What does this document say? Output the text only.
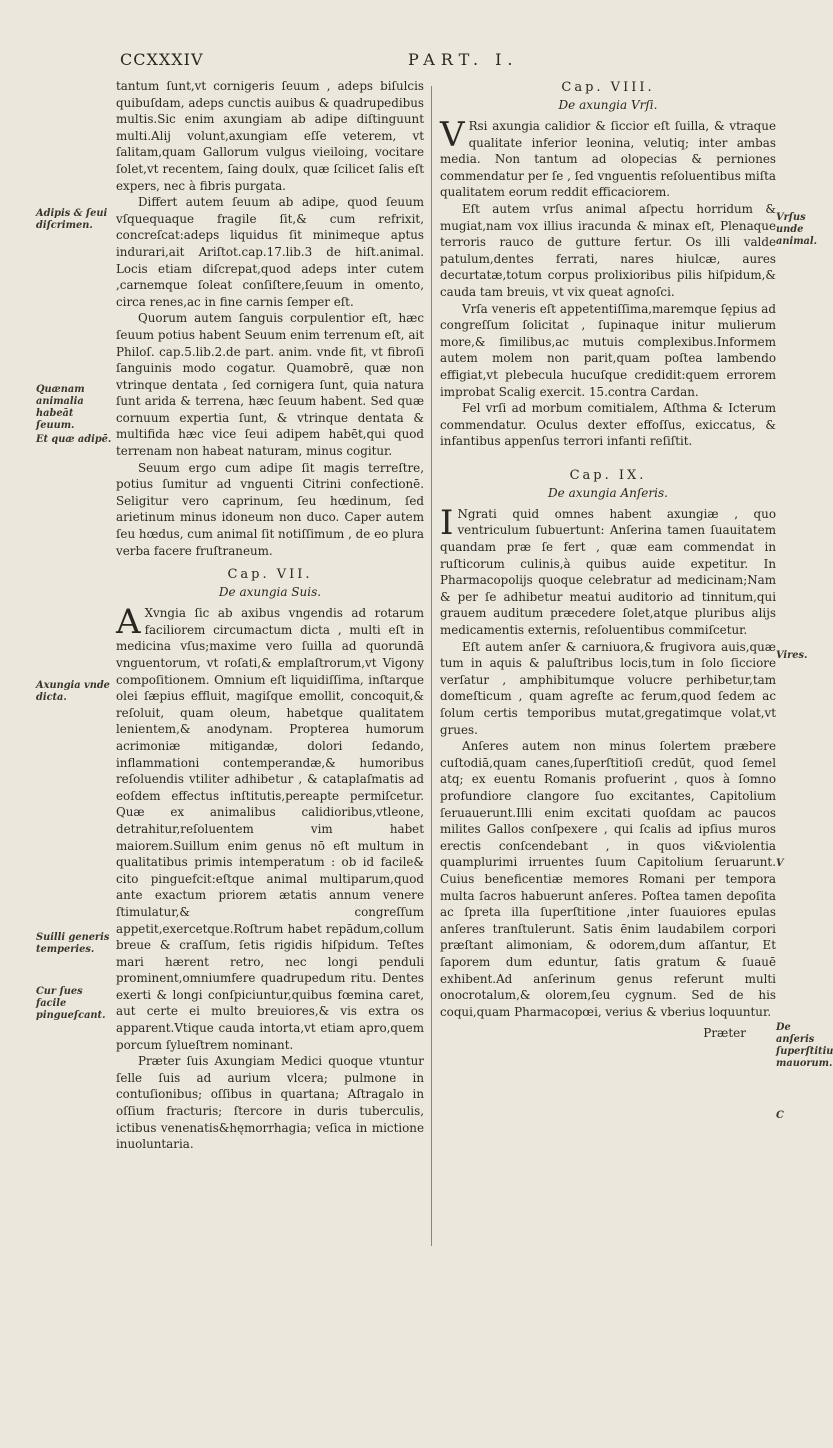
CCXXXIV	PART. I.
Adipis & ſeui diſcrimen.
Quænam animalia habeāt ſeuum.
Et quæ adipē.
Axungia vnde dicta.
Suilli generis temperies.
Cur ſues facile pingueſcant.
Vrſus unde animal.
Vires.
V
De anſeris ſuperſtitiu mauorum.
C

tantum ſunt,vt cornigeris ſeuum , adeps biſulcis quibuſdam, adeps cunctis auibus & quadrupedibus multis.Sic enim axungiam ab adipe diſtinguunt multi.Alij volunt,axungiam eſſe veterem, vt ſalitam,quam Gallorum vulgus vieiloing, vocitare ſolet,vt recentem, ſaing doulx, quæ ſcilicet ſalis eſt expers, nec à fibris purgata.

Differt autem ſeuum ab adipe, quod ſeuum vſquequaque fragile ſit,& cum refrixit, concreſcat:adeps liquidus ſit minimeque aptus indurari,ait Ariſtot.cap.17.lib.3 de hiſt.animal. Locis etiam diſcrepat,quod adeps inter cutem ,carnemque ſoleat conſiſtere,ſeuum in omento, circa renes,ac in fine carnis ſemper eſt.

Quorum autem ſanguis corpulentior eſt, hæc ſeuum potius habent Seuum enim terrenum eſt, ait Philoſ. cap.5.lib.2.de part. anim. vnde fit, vt fibroſi ſanguinis modo cogatur. Quamobrē, quæ non vtrinque dentata , ſed cornigera ſunt, quia natura ſunt arida & terrena, hæc ſeuum habent. Sed quæ cornuum expertia ſunt, & vtrinque dentata & multifida hæc vice ſeui adipem habēt,qui quod terrenam non habeat naturam, minus cogitur.

Seuum ergo cum adipe ſit magis terreſtre, potius ſumitur ad vnguenti Citrini confectionē. Seligitur vero caprinum, ſeu hœdinum, ſed arietinum minus idoneum non duco. Caper autem ſeu hœdus, cum animal ſit notiſſimum , de eo plura verba facere fruſtraneum.

Cap. VII.
De axungia Suis.

A Xvngia ſic ab axibus vngendis ad rotarum faciliorem circumactum dicta , multi eſt in medicina vſus;maxime vero ſuilla ad quorundā vnguentorum, vt roſati,& emplaſtrorum,vt Vigony compoſitionem. Omnium eſt liquidiſſima, inſtarque olei ſæpius effluit, magiſque emollit, concoquit,& reſoluit, quam oleum, habetque qualitatem lenientem,& anodynam. Propterea humorum acrimoniæ mitigandæ, dolori ſedando, inflammationi contemperandæ,& humoribus reſoluendis vtiliter adhibetur , & cataplaſmatis ad eoſdem effectus inſtitutis,pereapte permiſcetur. Quæ ex animalibus calidioribus,vtleone, detrahitur,reſoluentem vim habet maiorem.Suillum enim genus nō eſt multum in qualitatibus primis intemperatum : ob id facile& cito pinguefcit:eſtque animal multiparum,quod ante exactum priorem ætatis annum venere ſtimulatur,& congreſſum appetit,exercetque.Roſtrum habet repādum,collum breue & craſſum, ſetis rigidis hiſpidum. Teſtes mari hærent retro, nec longi penduli prominent,omniumfere quadrupedum ritu. Dentes exerti & longi conſpiciuntur,quibus fœmina caret, aut certe ei multo breuiores,& vis extra os apparent.Vtique cauda intorta,vt etiam apro,quem porcum ſylueſtrem nominant.

Præter ſuis Axungiam Medici quoque vtuntur ſelle ſuis ad aurium vlcera; pulmone in contuſionibus; oſſibus in quartana; Aſtragalo in oſſium fracturis; ſtercore in duris tuberculis, ictibus venenatis&hęmorrhagia; veſica in mictione inuoluntaria.

Cap. VIII.
De axungia Vrſi.

V Rsi axungia calidior & ſiccior eſt ſuilla, & vtraque qualitate inferior leonina, velutiq; inter ambas media. Non tantum ad olopecias & perniones commendatur per ſe , ſed vnguentis reſoluentibus miſta qualitatem eorum reddit efficaciorem.

Eſt autem vrſus animal aſpectu horridum & mugiat,nam vox illius iracunda & minax eſt, Plenaque terroris rauco de gutture fertur. Os illi valde patulum,dentes ferrati, nares hiulcæ, aures decurtatæ,totum corpus prolixioribus pilis hiſpidum,& cauda tam breuis, vt vix queat agnoſci.

Vrſa veneris eſt appetentiſſima,maremque ſępius ad congreſſum ſolicitat , ſupinaque initur mulierum more,& ſimilibus,ac mutuis complexibus.Informem autem molem non parit,quam poſtea lambendo effigiat,vt plebecula hucuſque credidit:quem errorem improbat Scalig exercit. 15.contra Cardan.

Fel vrſi ad morbum comitialem, Aſthma & Icterum commendatur. Oculus dexter effoſſus, exiccatus, & infantibus appenſus terrori infanti reſiſtit.

Cap. IX.
De axungia Anſeris.

I Ngrati quid omnes habent axungiæ , quo ventriculum ſubuertunt: Anſerina tamen ſuauitatem quandam præ ſe fert , quæ eam commendat in ruſticorum culinis,à quibus auide expetitur. In Pharmacopolijs quoque celebratur ad medicinam;Nam & per ſe adhibetur meatui auditorio ad tinnitum,qui grauem auditum præcedere ſolet,atque pluribus alijs medicamentis externis, reſoluentibus commiſcetur.

Eſt autem anſer & carniuora,& frugivora auis,quæ tum in aquis & paluſtribus locis,tum in ſolo ſicciore verſatur , amphibitumque volucre perhibetur,tam domeſticum , quam agreſte ac ferum,quod ſedem ac ſolum certis temporibus mutat,gregatimque volat,vt grues.

Anſeres autem non minus ſolertem præbere cuſtodiā,quam canes,ſuperſtitioſi credūt, quod ſemel atq; ex euentu Romanis profuerint , quos à ſomno profundiore clangore ſuo excitantes, Capitolium ſeruauerunt.Illi enim excitati quoſdam ac paucos milites Gallos conſpexere , qui ſcalis ad ipſius muros erectis conſcendebant , in quos vi&violentia quamplurimi irruentes ſuum Capitolium ſeruarunt. Cuius beneficentiæ memores Romani per tempora multa ſacros habuerunt anſeres. Poſtea tamen depoſita ac ſpreta illa ſuperſtitione ,inter ſuauiores epulas anſeres tranſtulerunt. Satis ēnim laudabilem corpori præſtant alimoniam, & odorem,dum aſſantur, Et ſaporem dum eduntur, ſatis gratum & ſuauē exhibent.Ad anſerinum genus referunt multi onocrotalum,& olorem,ſeu cygnum. Sed de his coqui,quam Pharmacopœi, verius & vberius loquuntur.

Præter
